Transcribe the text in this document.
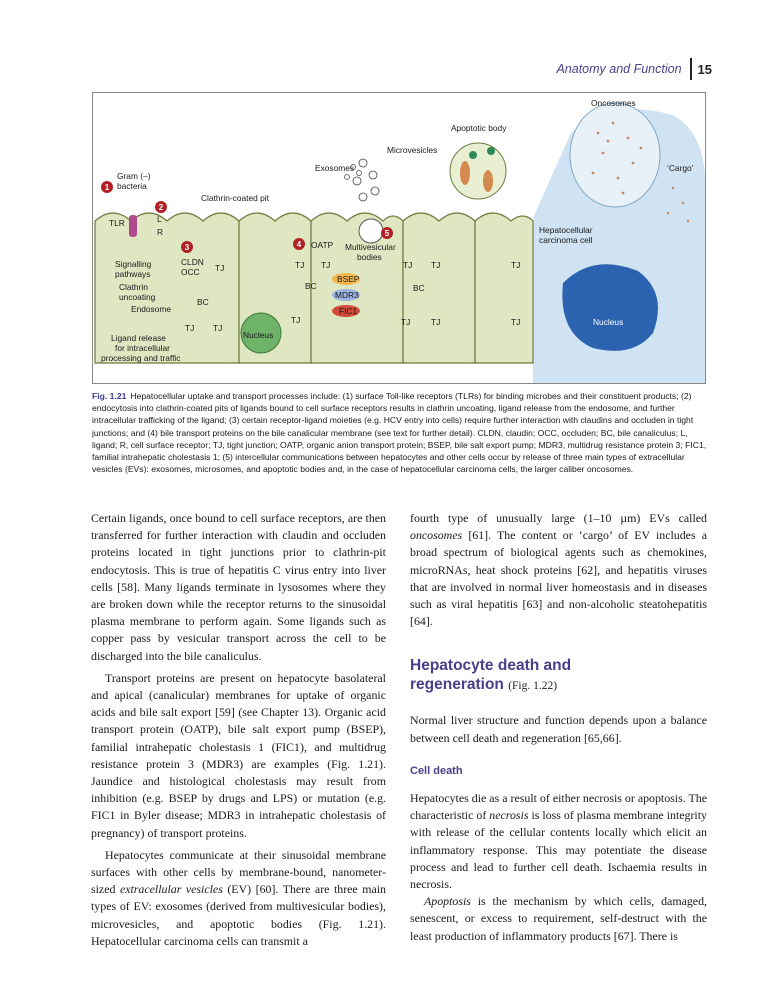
Anatomy and Function 15
1
2
3	4
5
Oncosomes
Apoptotic body
Microvesicles
Exosomes	‘Cargo’
Gram (–)
bacteria
Clathrin-coated pit
TLR	L
R
Signalling
pathways
Clathrin
uncoating
Endosome
Ligand release
for intracellular
processing and traffic
CLDN
OCC TJ
BC
TJ TJ
Nucleus
OATP Multivesicular
bodies
TJ TJ
BSEP
MDR3
FIC1
BC
TJ
TJ TJ
BC
TJ TJ
TJ
TJ
Hepatocellular
carcinoma cell
Nucleus
Fig. 1.21 Hepatocellular uptake and transport processes include: (1) surface Toll-like receptors (TLRs) for binding microbes and their constituent products; (2) endocytosis into clathrin-coated pits of ligands bound to cell surface receptors results in clathrin uncoating, ligand release from the endosome, and further intracellular trafficking of the ligand; (3) certain receptor-ligand moieties (e.g. HCV entry into cells) require further interaction with claudins and occluden in tight junctions; and (4) bile transport proteins on the bile canalicular membrane (see text for further detail). CLDN, claudin; OCC, occluden; BC, bile canaliculus; L, ligand; R, cell surface receptor; TJ, tight junction; OATP, organic anion transport protein; BSEP, bile salt export pump; MDR3, multidrug resistance protein 3; FIC1, familial intrahepatic cholestasis 1; (5) intercellular communications between hepatocytes and other cells occur by release of three main types of extracellular vesicles (EVs): exosomes, microsomes, and apoptotic bodies and, in the case of hepatocellular carcinoma cells, the larger caliber oncosomes.

Certain ligands, once bound to cell surface receptors, are then transferred for further interaction with claudin and occluden proteins located in tight junctions prior to clathrin-pit endocytosis. This is true of hepatitis C virus entry into liver cells [58]. Many ligands terminate in lysosomes where they are broken down while the receptor returns to the sinusoidal plasma membrane to perform again. Some ligands such as copper pass by vesicular transport across the cell to be discharged into the bile canaliculus.

Transport proteins are present on hepatocyte basolateral and apical (canalicular) membranes for uptake of organic acids and bile salt export [59] (see Chapter 13). Organic acid transport protein (OATP), bile salt export pump (BSEP), familial intrahepatic cholestasis 1 (FIC1), and multidrug resistance protein 3 (MDR3) are examples (Fig. 1.21). Jaundice and histological cholestasis may result from inhibition (e.g. BSEP by drugs and LPS) or mutation (e.g. FIC1 in Byler disease; MDR3 in intrahepatic cholestasis of pregnancy) of transport proteins.

Hepatocytes communicate at their sinusoidal membrane surfaces with other cells by membrane-bound, nanometer-sized extracellular vesicles (EV) [60]. There are three main types of EV: exosomes (derived from multivesicular bodies), microvesicles, and apoptotic bodies (Fig. 1.21). Hepatocellular carcinoma cells can transmit a

fourth type of unusually large (1–10 µm) EVs called oncosomes [61]. The content or ‘cargo’ of EV includes a broad spectrum of biological agents such as chemokines, microRNAs, heat shock proteins [62], and hepatitis viruses that are involved in normal liver homeostasis and in diseases such as viral hepatitis [63] and non-alcoholic steatohepatitis [64].

Hepatocyte death and
regeneration (Fig. 1.22)

Normal liver structure and function depends upon a balance between cell death and regeneration [65,66].

Cell death

Hepatocytes die as a result of either necrosis or apoptosis. The characteristic of necrosis is loss of plasma membrane integrity with release of the cellular contents locally which elicit an inflammatory response. This may potentiate the disease process and lead to further cell death. Ischaemia results in necrosis.

Apoptosis is the mechanism by which cells, damaged, senescent, or excess to requirement, self-destruct with the least production of inflammatory products [67]. There is
